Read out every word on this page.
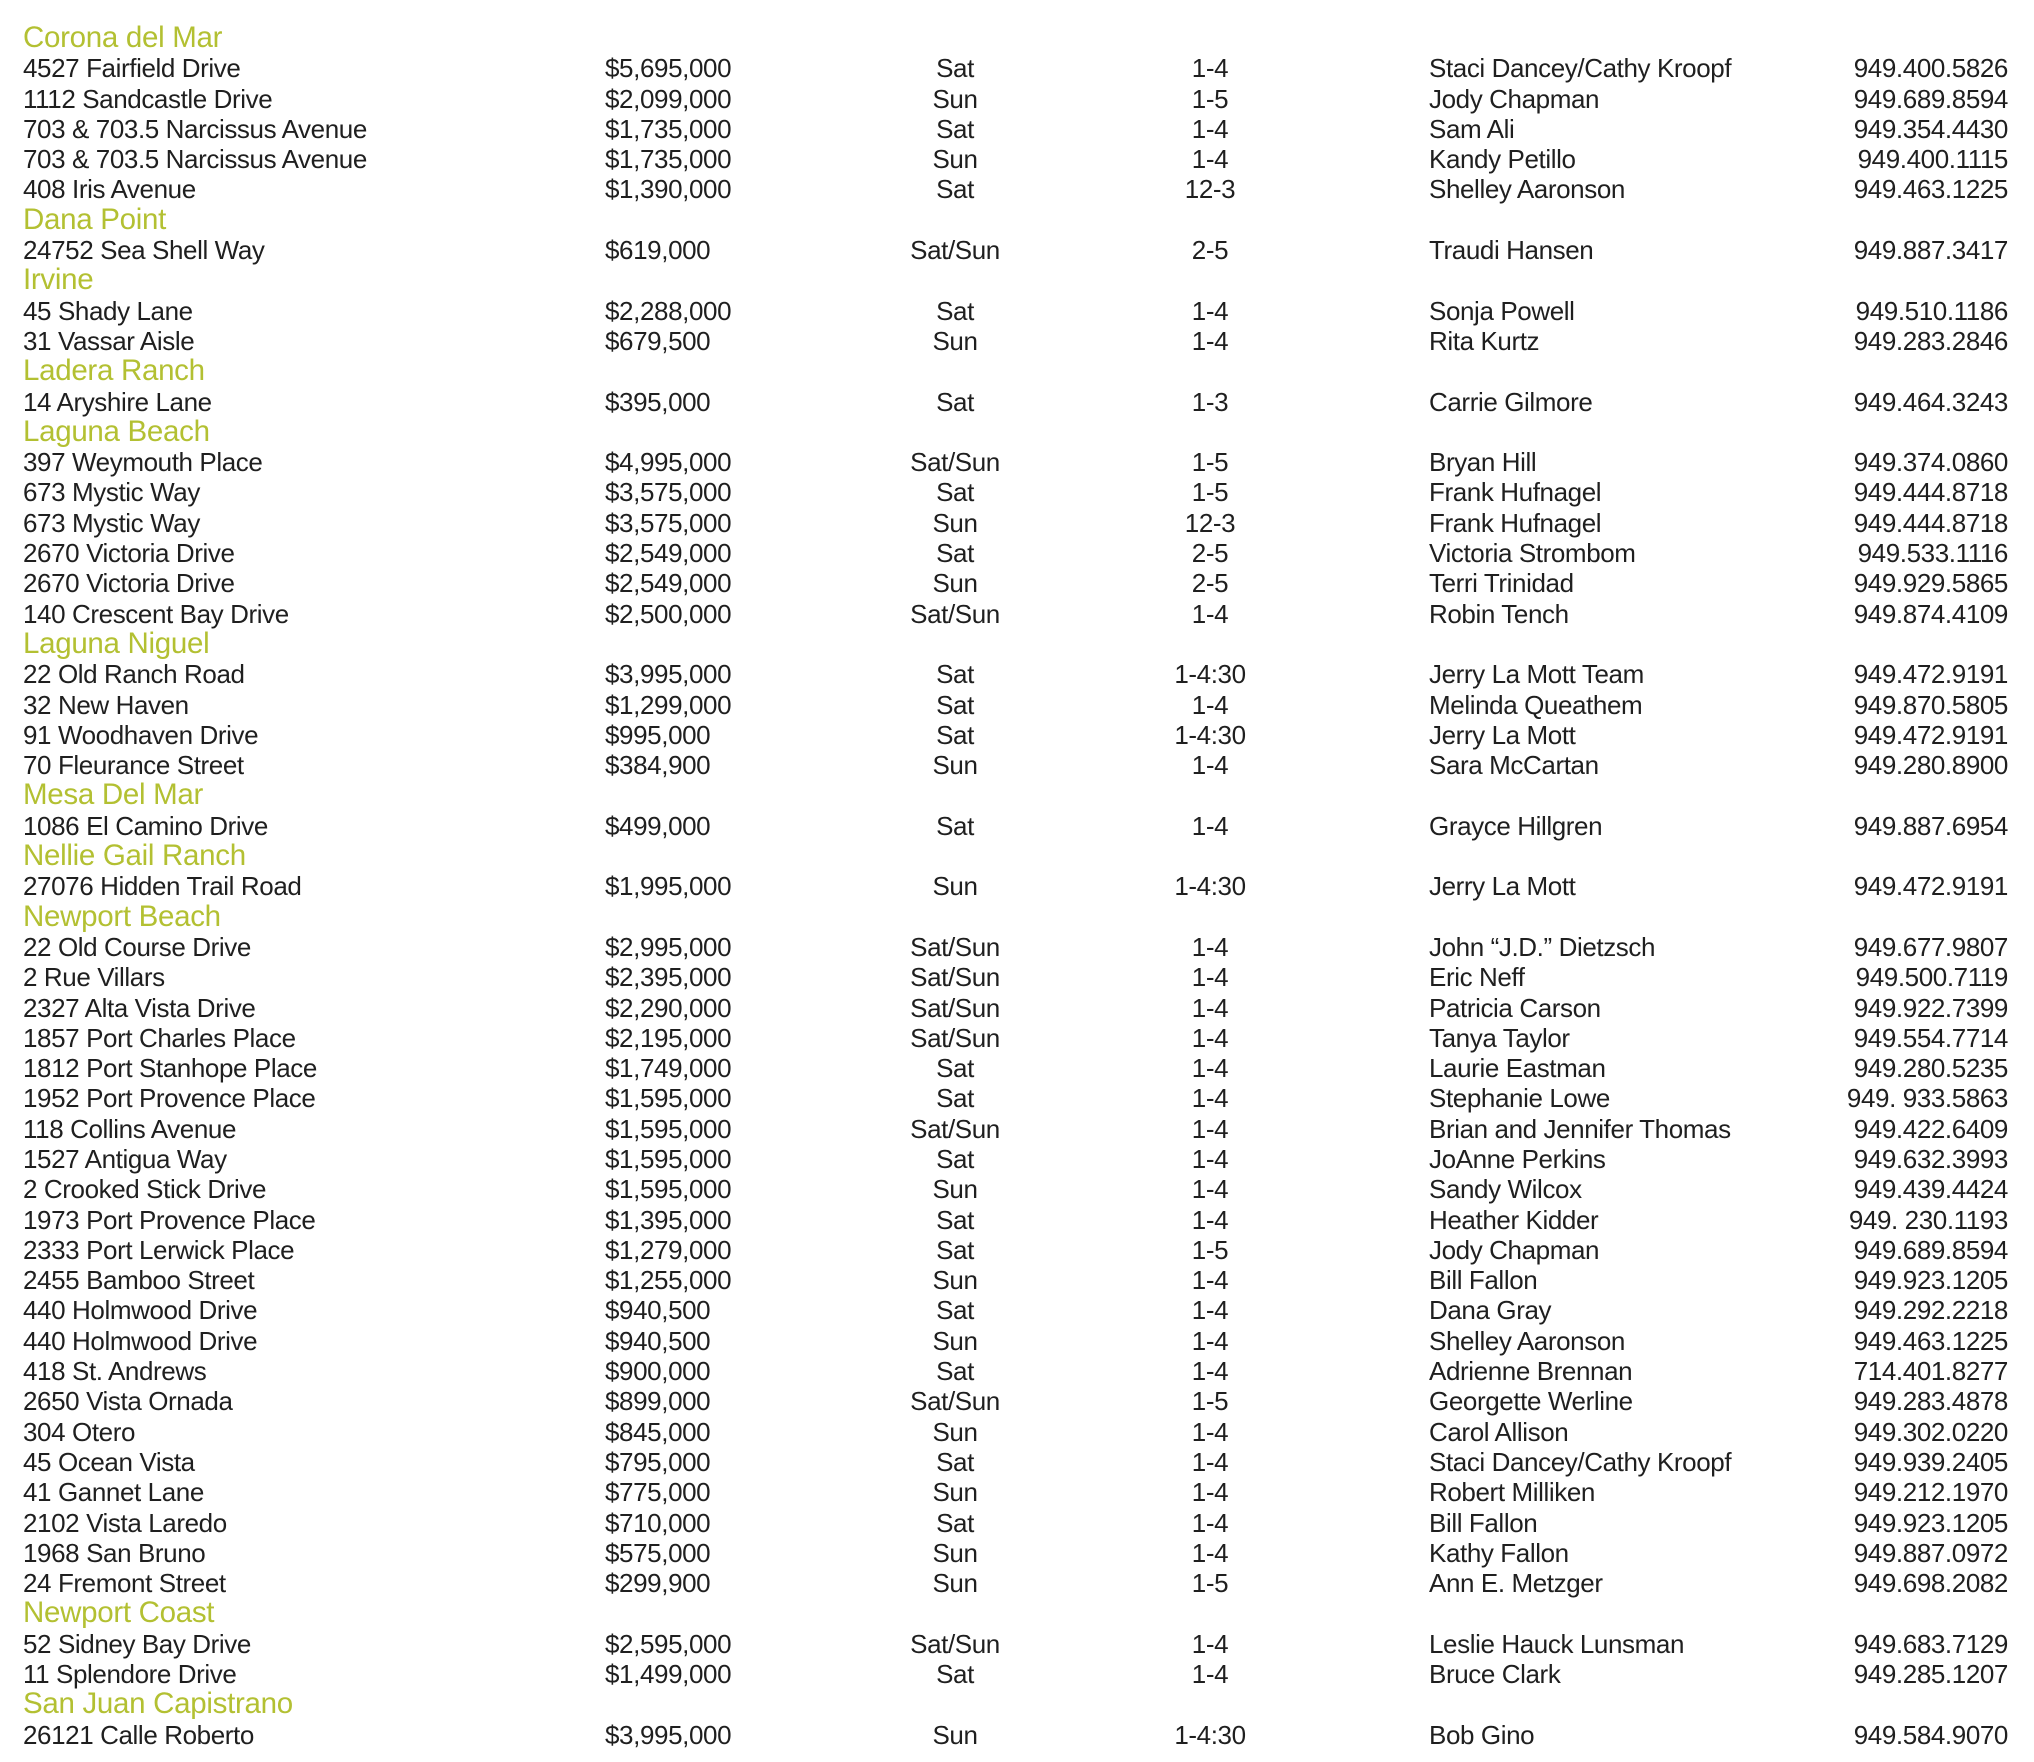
Corona del Mar
4527 Fairfield Drive	$5,695,000	Sat	1-4	Staci Dancey/Cathy Kroopf	949.400.5826
1112 Sandcastle Drive	$2,099,000	Sun	1-5	Jody Chapman	949.689.8594
703 & 703.5 Narcissus Avenue	$1,735,000	Sat	1-4	Sam Ali	949.354.4430
703 & 703.5 Narcissus Avenue	$1,735,000	Sun	1-4	Kandy Petillo	949.400.1115
408 Iris Avenue	$1,390,000	Sat	12-3	Shelley Aaronson	949.463.1225
Dana Point
24752 Sea Shell Way	$619,000	Sat/Sun	2-5	Traudi Hansen	949.887.3417
Irvine
45 Shady Lane	$2,288,000	Sat	1-4	Sonja Powell	949.510.1186
31 Vassar Aisle	$679,500	Sun	1-4	Rita Kurtz	949.283.2846
Ladera Ranch
14 Aryshire Lane	$395,000	Sat	1-3	Carrie Gilmore	949.464.3243
Laguna Beach
397 Weymouth Place	$4,995,000	Sat/Sun	1-5	Bryan Hill	949.374.0860
673 Mystic Way	$3,575,000	Sat	1-5	Frank Hufnagel	949.444.8718
673 Mystic Way	$3,575,000	Sun	12-3	Frank Hufnagel	949.444.8718
2670 Victoria Drive	$2,549,000	Sat	2-5	Victoria Strombom	949.533.1116
2670 Victoria Drive	$2,549,000	Sun	2-5	Terri Trinidad	949.929.5865
140 Crescent Bay Drive	$2,500,000	Sat/Sun	1-4	Robin Tench	949.874.4109
Laguna Niguel
22 Old Ranch Road	$3,995,000	Sat	1-4:30	Jerry La Mott Team	949.472.9191
32 New Haven	$1,299,000	Sat	1-4	Melinda Queathem	949.870.5805
91 Woodhaven Drive	$995,000	Sat	1-4:30	Jerry La Mott	949.472.9191
70 Fleurance Street	$384,900	Sun	1-4	Sara McCartan	949.280.8900
Mesa Del Mar
1086 El Camino Drive	$499,000	Sat	1-4	Grayce Hillgren	949.887.6954
Nellie Gail Ranch
27076 Hidden Trail Road	$1,995,000	Sun	1-4:30	Jerry La Mott	949.472.9191
Newport Beach
22 Old Course Drive	$2,995,000	Sat/Sun	1-4	John “J.D.” Dietzsch	949.677.9807
2 Rue Villars	$2,395,000	Sat/Sun	1-4	Eric Neff	949.500.7119
2327 Alta Vista Drive	$2,290,000	Sat/Sun	1-4	Patricia Carson	949.922.7399
1857 Port Charles Place	$2,195,000	Sat/Sun	1-4	Tanya Taylor	949.554.7714
1812 Port Stanhope Place	$1,749,000	Sat	1-4	Laurie Eastman	949.280.5235
1952 Port Provence Place	$1,595,000	Sat	1-4	Stephanie Lowe	949. 933.5863
118 Collins Avenue	$1,595,000	Sat/Sun	1-4	Brian and Jennifer Thomas	949.422.6409
1527 Antigua Way	$1,595,000	Sat	1-4	JoAnne Perkins	949.632.3993
2 Crooked Stick Drive	$1,595,000	Sun	1-4	Sandy Wilcox	949.439.4424
1973 Port Provence Place	$1,395,000	Sat	1-4	Heather Kidder	949. 230.1193
2333 Port Lerwick Place	$1,279,000	Sat	1-5	Jody Chapman	949.689.8594
2455 Bamboo Street	$1,255,000	Sun	1-4	Bill Fallon	949.923.1205
440 Holmwood Drive	$940,500	Sat	1-4	Dana Gray	949.292.2218
440 Holmwood Drive	$940,500	Sun	1-4	Shelley Aaronson	949.463.1225
418 St. Andrews	$900,000	Sat	1-4	Adrienne Brennan	714.401.8277
2650 Vista Ornada	$899,000	Sat/Sun	1-5	Georgette Werline	949.283.4878
304 Otero	$845,000	Sun	1-4	Carol Allison	949.302.0220
45 Ocean Vista	$795,000	Sat	1-4	Staci Dancey/Cathy Kroopf	949.939.2405
41 Gannet Lane	$775,000	Sun	1-4	Robert Milliken	949.212.1970
2102 Vista Laredo	$710,000	Sat	1-4	Bill Fallon	949.923.1205
1968 San Bruno	$575,000	Sun	1-4	Kathy Fallon	949.887.0972
24 Fremont Street	$299,900	Sun	1-5	Ann E. Metzger	949.698.2082
Newport Coast
52 Sidney Bay Drive	$2,595,000	Sat/Sun	1-4	Leslie Hauck Lunsman	949.683.7129
11 Splendore Drive	$1,499,000	Sat	1-4	Bruce Clark	949.285.1207
San Juan Capistrano
26121 Calle Roberto	$3,995,000	Sun	1-4:30	Bob Gino	949.584.9070
